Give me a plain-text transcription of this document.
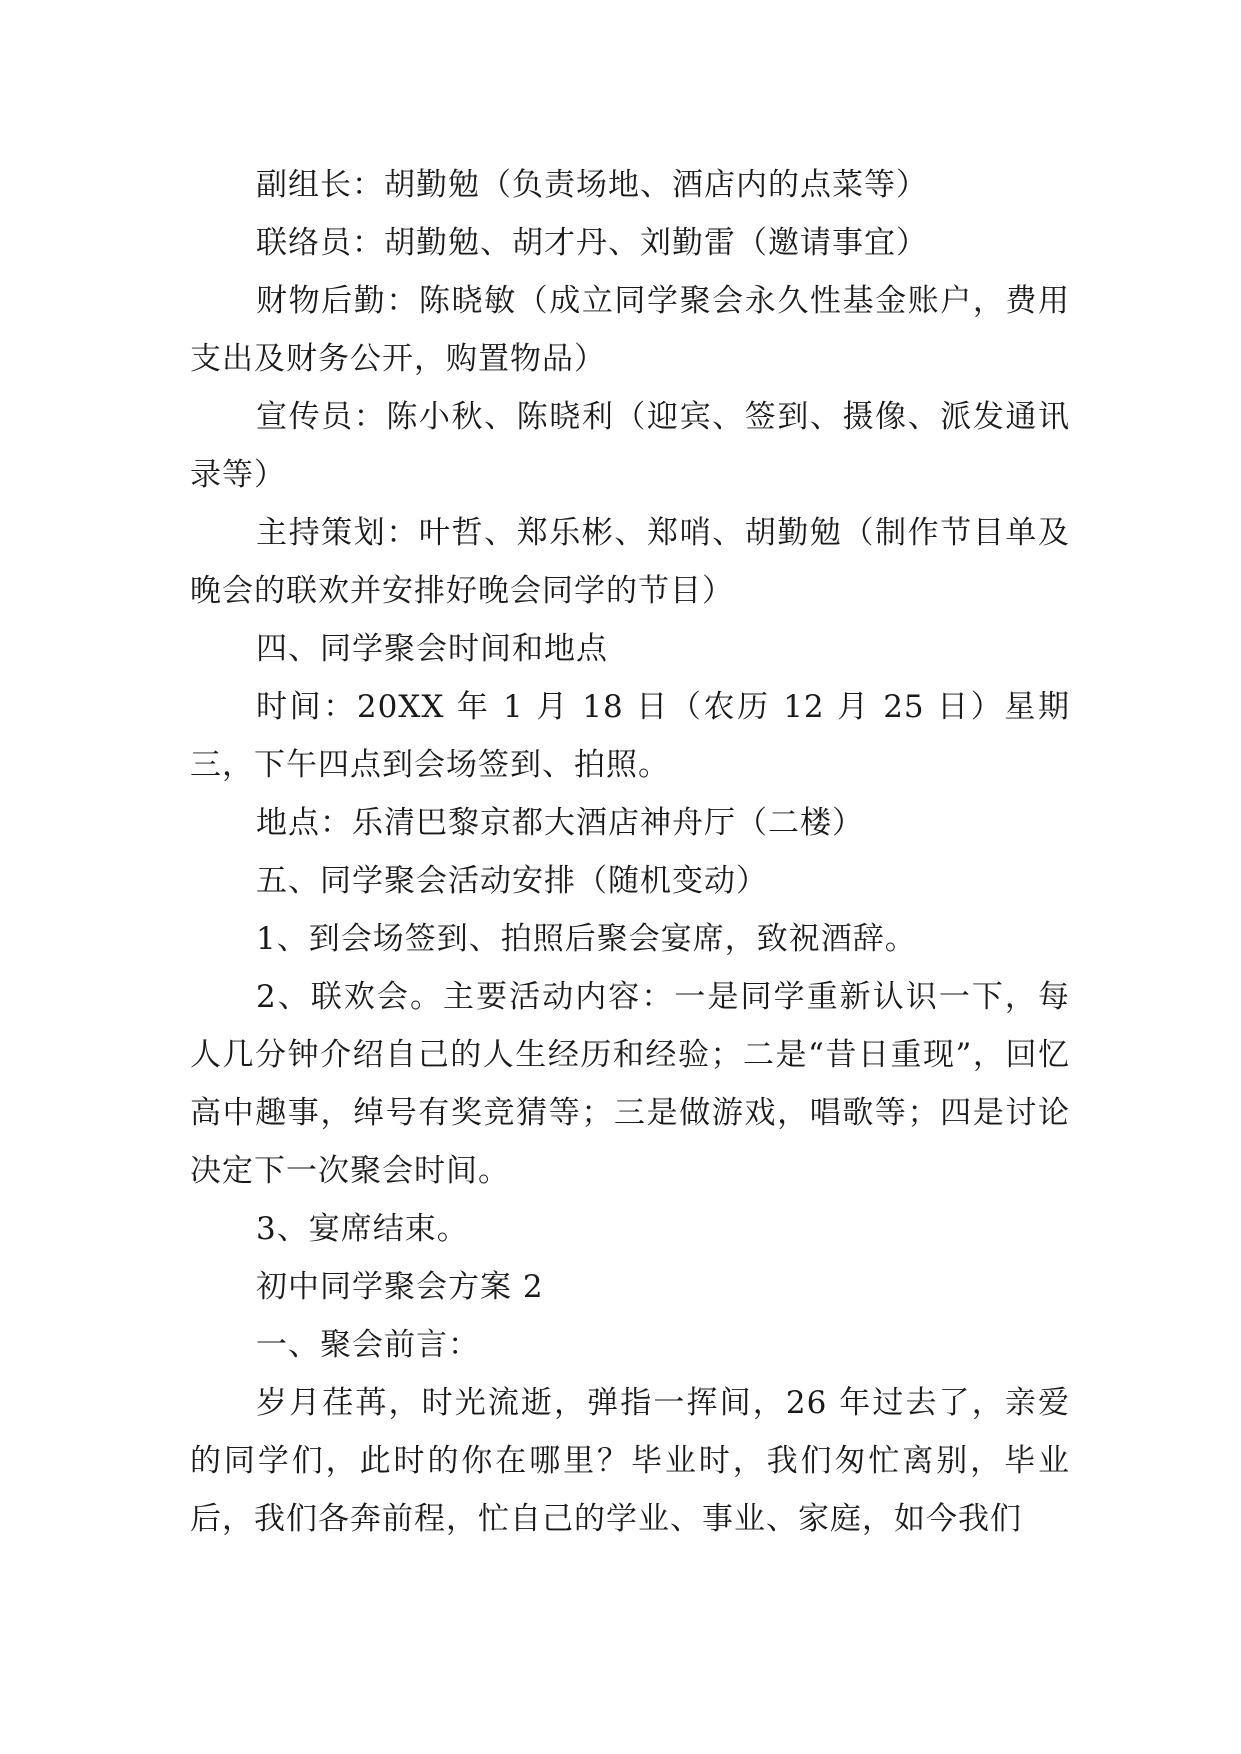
副组长：胡勤勉（负责场地、酒店内的点菜等）

联络员：胡勤勉、胡才丹、刘勤雷（邀请事宜）

财物后勤：陈晓敏（成立同学聚会永久性基金账户，费用支出及财务公开，购置物品）

宣传员：陈小秋、陈晓利（迎宾、签到、摄像、派发通讯录等）

主持策划：叶哲、郑乐彬、郑哨、胡勤勉（制作节目单及晚会的联欢并安排好晚会同学的节目）

四、同学聚会时间和地点

时间：20XX 年 1 月 18 日（农历 12 月 25 日）星期三，下午四点到会场签到、拍照。

地点：乐清巴黎京都大酒店神舟厅（二楼）

五、同学聚会活动安排（随机变动）

1、到会场签到、拍照后聚会宴席，致祝酒辞。

2、联欢会。主要活动内容：一是同学重新认识一下，每人几分钟介绍自己的人生经历和经验；二是“昔日重现”，回忆高中趣事，绰号有奖竞猜等；三是做游戏，唱歌等；四是讨论决定下一次聚会时间。

3、宴席结束。

初中同学聚会方案 2

一、聚会前言：

岁月荏苒，时光流逝，弹指一挥间，26 年过去了，亲爱的同学们，此时的你在哪里？毕业时，我们匆忙离别，毕业后，我们各奔前程，忙自己的学业、事业、家庭，如今我们
